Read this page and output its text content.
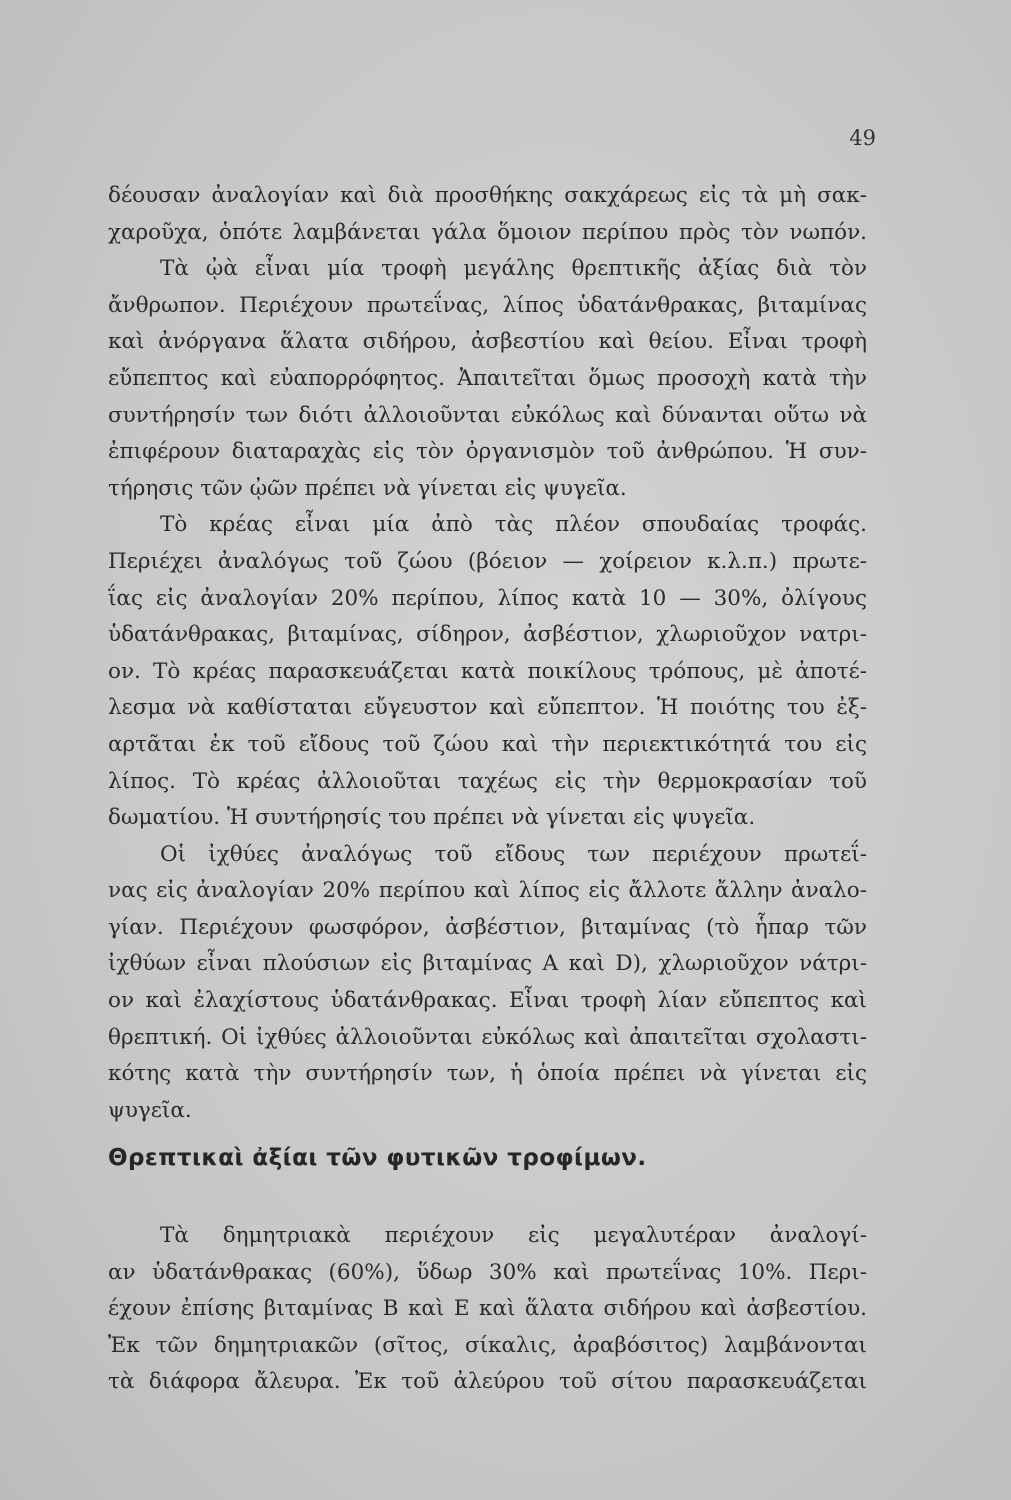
49
δέουσαν ἀναλογίαν καὶ διὰ προσθήκης σακχάρεως εἰς τὰ μὴ σακ-
χαροῦχα, ὁπότε λαμβάνεται γάλα ὅμοιον περίπου πρὸς τὸν νωπόν.
Τὰ ᾠὰ εἶναι μία τροφὴ μεγάλης θρεπτικῆς ἀξίας διὰ τὸν
ἄνθρωπον. Περιέχουν πρωτεΐνας, λίπος ὑδατάνθρακας, βιταμίνας
καὶ ἀνόργανα ἅλατα σιδήρου, ἀσβεστίου καὶ θείου. Εἶναι τροφὴ
εὔπεπτος καὶ εὐαπορρόφητος. Ἀπαιτεῖται ὅμως προσοχὴ κατὰ τὴν
συντήρησίν των διότι ἀλλοιοῦνται εὐκόλως καὶ δύνανται οὕτω νὰ
ἐπιφέρουν διαταραχὰς εἰς τὸν ὀργανισμὸν τοῦ ἀνθρώπου. Ἡ συν-
τήρησις τῶν ᾠῶν πρέπει νὰ γίνεται εἰς ψυγεῖα.
Τὸ κρέας εἶναι μία ἀπὸ τὰς πλέον σπουδαίας τροφάς.
Περιέχει ἀναλόγως τοῦ ζώου (βόειον — χοίρειον κ.λ.π.) πρωτε-
ΐας εἰς ἀναλογίαν 20% περίπου, λίπος κατὰ 10 — 30%, ὀλίγους
ὑδατάνθρακας, βιταμίνας, σίδηρον, ἀσβέστιον, χλωριοῦχον νατρι-
ον. Τὸ κρέας παρασκευάζεται κατὰ ποικίλους τρόπους, μὲ ἀποτέ-
λεσμα νὰ καθίσταται εὔγευστον καὶ εὔπεπτον. Ἡ ποιότης του ἐξ-
αρτᾶται ἐκ τοῦ εἴδους τοῦ ζώου καὶ τὴν περιεκτικότητά του εἰς
λίπος. Τὸ κρέας ἀλλοιοῦται ταχέως εἰς τὴν θερμοκρασίαν τοῦ
δωματίου. Ἡ συντήρησίς του πρέπει νὰ γίνεται εἰς ψυγεῖα.
Οἱ ἰχθύες ἀναλόγως τοῦ εἴδους των περιέχουν πρωτεΐ-
νας εἰς ἀναλογίαν 20% περίπου καὶ λίπος εἰς ἄλλοτε ἄλλην ἀναλο-
γίαν. Περιέχουν φωσφόρον, ἀσβέστιον, βιταμίνας (τὸ ἧπαρ τῶν
ἰχθύων εἶναι πλούσιων εἰς βιταμίνας A καὶ D), χλωριοῦχον νάτρι-
ον καὶ ἐλαχίστους ὑδατάνθρακας. Εἶναι τροφὴ λίαν εὔπεπτος καὶ
θρεπτική. Οἱ ἰχθύες ἀλλοιοῦνται εὐκόλως καὶ ἀπαιτεῖται σχολαστι-
κότης κατὰ τὴν συντήρησίν των, ἡ ὁποία πρέπει νὰ γίνεται εἰς
ψυγεῖα.
Θρεπτικαὶ ἀξίαι τῶν φυτικῶν τροφίμων.
Τὰ δημητριακὰ περιέχουν εἰς μεγαλυτέραν ἀναλογί-
αν ὑδατάνθρακας (60%), ὕδωρ 30% καὶ πρωτεΐνας 10%. Περι-
έχουν ἐπίσης βιταμίνας B καὶ E καὶ ἅλατα σιδήρου καὶ ἀσβεστίου.
Ἐκ τῶν δημητριακῶν (σῖτος, σίκαλις, ἀραβόσιτος) λαμβάνονται
τὰ διάφορα ἄλευρα. Ἐκ τοῦ ἀλεύρου τοῦ σίτου παρασκευάζεται
